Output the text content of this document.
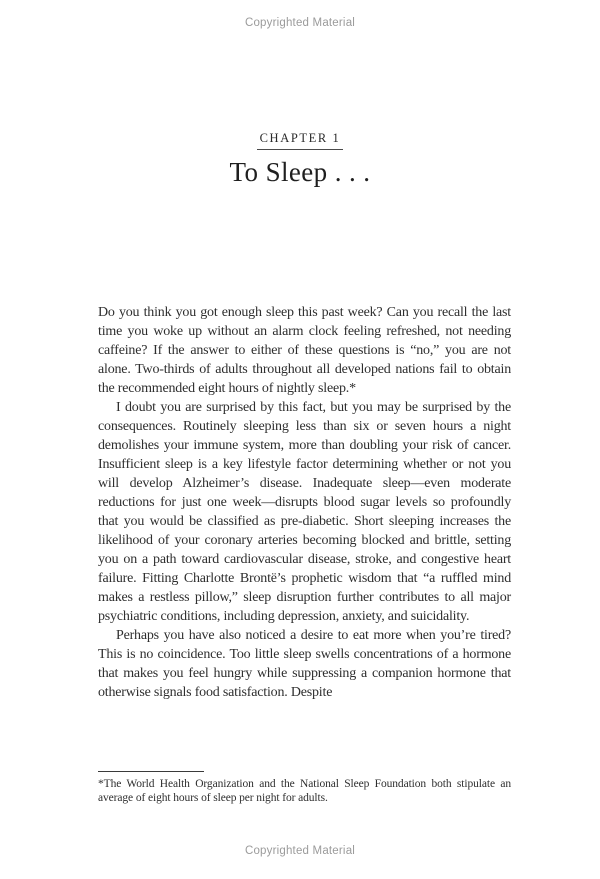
Copyrighted Material
CHAPTER 1
To Sleep . . .

Do you think you got enough sleep this past week? Can you recall the last time you woke up without an alarm clock feeling refreshed, not needing caffeine? If the answer to either of these questions is “no,” you are not alone. Two-thirds of adults throughout all developed nations fail to obtain the recommended eight hours of nightly sleep.*

I doubt you are surprised by this fact, but you may be surprised by the consequences. Routinely sleeping less than six or seven hours a night demolishes your immune system, more than doubling your risk of cancer. Insufficient sleep is a key lifestyle factor determining whether or not you will develop Alzheimer’s disease. Inadequate sleep—even moderate reductions for just one week—disrupts blood sugar levels so profoundly that you would be classified as pre-diabetic. Short sleeping increases the likelihood of your coronary arteries becoming blocked and brittle, setting you on a path toward cardiovascular disease, stroke, and congestive heart failure. Fitting Charlotte Brontë’s prophetic wisdom that “a ruffled mind makes a restless pillow,” sleep disruption further contributes to all major psychiatric conditions, including depression, anxiety, and suicidality.

Perhaps you have also noticed a desire to eat more when you’re tired? This is no coincidence. Too little sleep swells concentrations of a hormone that makes you feel hungry while suppressing a companion hormone that otherwise signals food satisfaction. Despite

*The World Health Organization and the National Sleep Foundation both stipulate an average of eight hours of sleep per night for adults.

Copyrighted Material
